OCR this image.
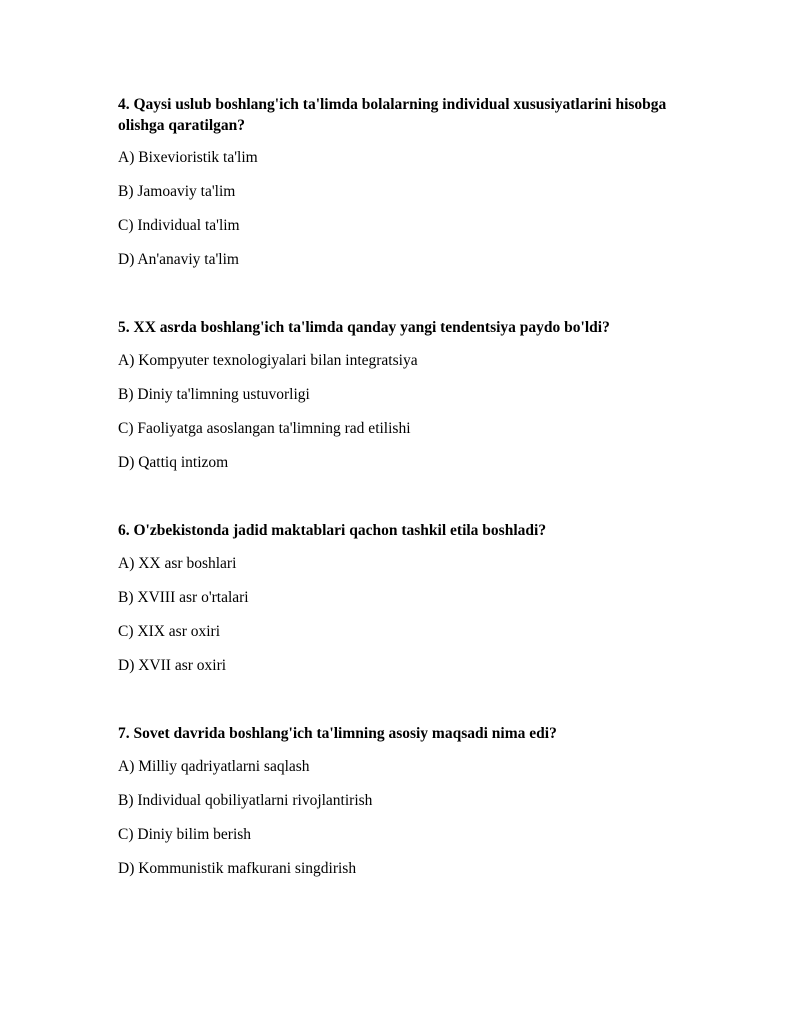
4. Qaysi uslub boshlang'ich ta'limda bolalarning individual xususiyatlarini hisobga olishga qaratilgan?

A) Bixevioristik ta'lim

B) Jamoaviy ta'lim

C) Individual ta'lim

D) An'anaviy ta'lim

5. XX asrda boshlang'ich ta'limda qanday yangi tendentsiya paydo bo'ldi?

A) Kompyuter texnologiyalari bilan integratsiya

B) Diniy ta'limning ustuvorligi

C) Faoliyatga asoslangan ta'limning rad etilishi

D) Qattiq intizom

6. O'zbekistonda jadid maktablari qachon tashkil etila boshladi?

A) XX asr boshlari

B) XVIII asr o'rtalari

C) XIX asr oxiri

D) XVII asr oxiri

7. Sovet davrida boshlang'ich ta'limning asosiy maqsadi nima edi?

A) Milliy qadriyatlarni saqlash

B) Individual qobiliyatlarni rivojlantirish

C) Diniy bilim berish

D) Kommunistik mafkurani singdirish
